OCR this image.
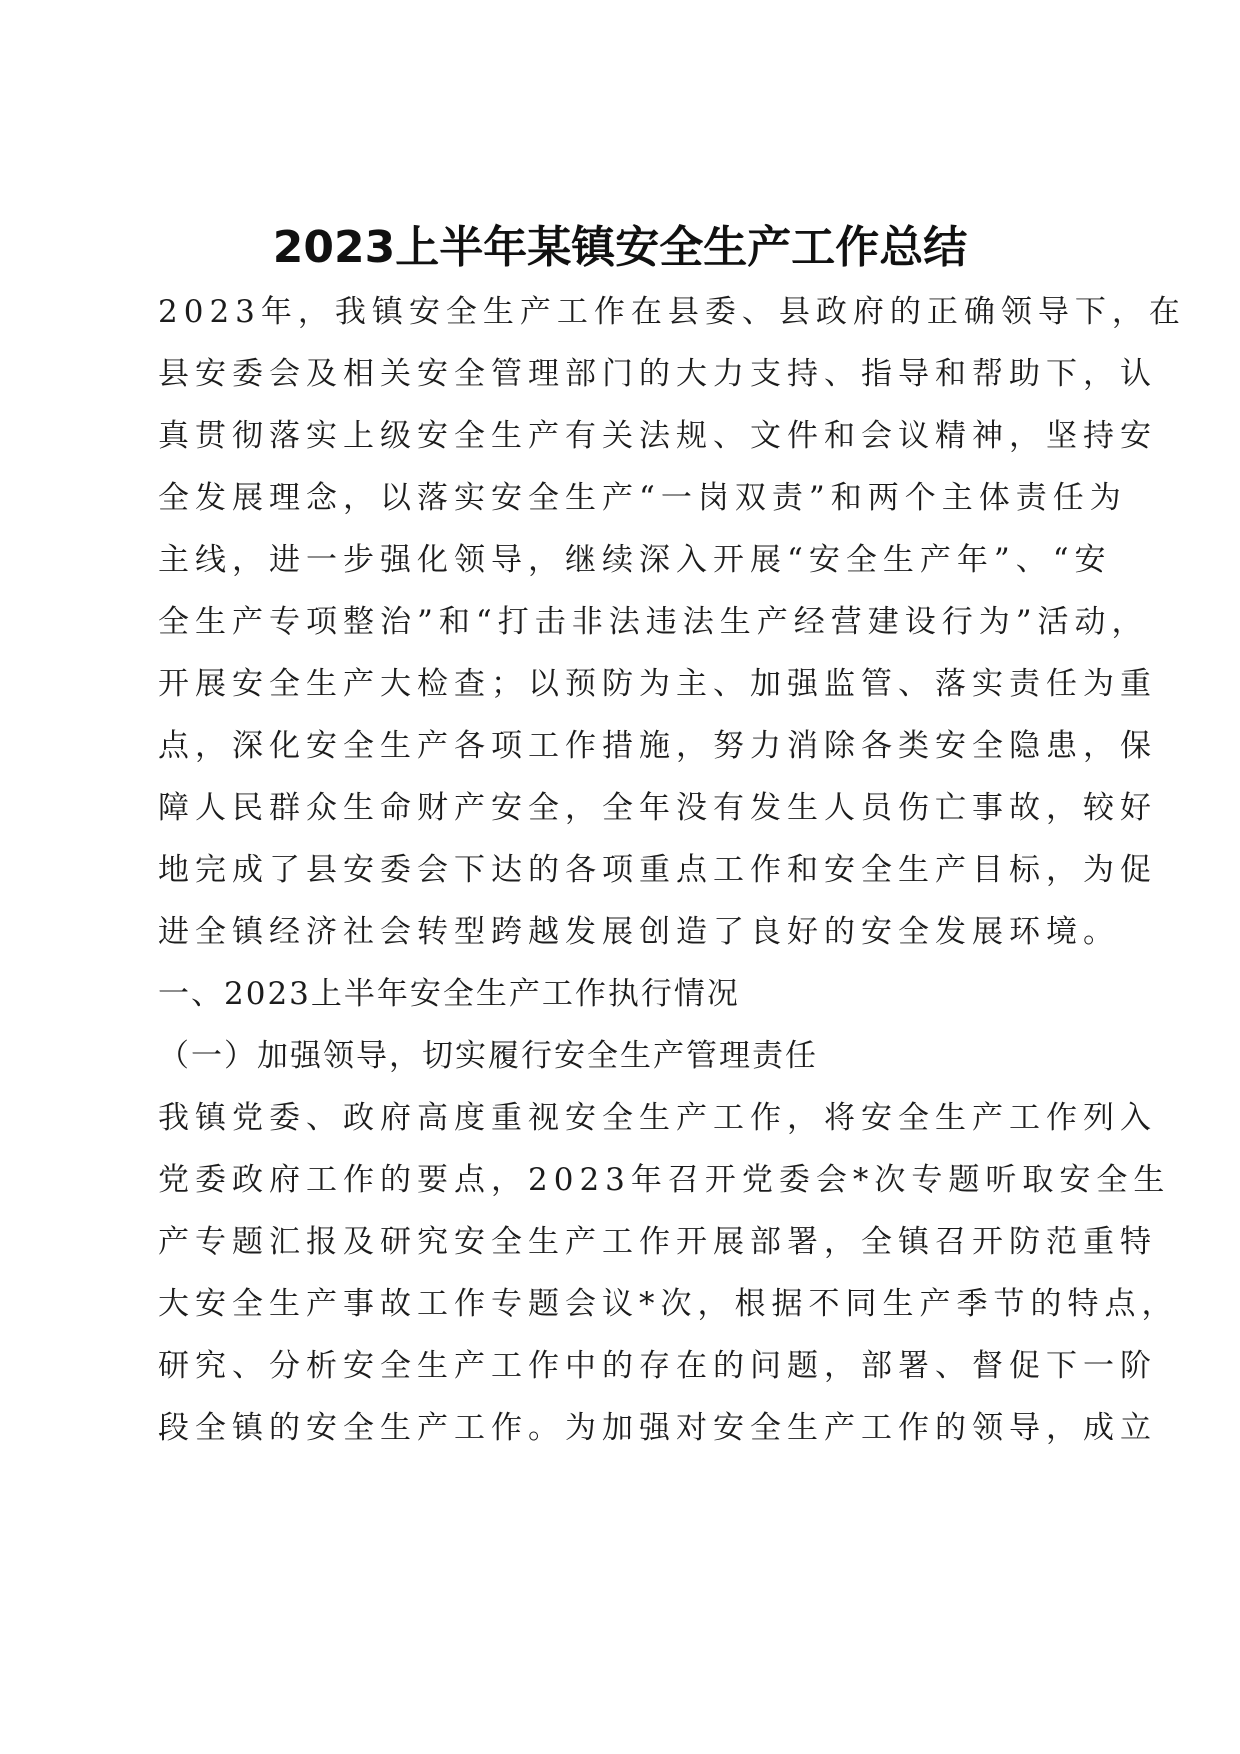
2023上半年某镇安全生产工作总结

2023年，我镇安全生产工作在县委、县政府的正确领导下，在

县安委会及相关安全管理部门的大力支持、指导和帮助下，认

真贯彻落实上级安全生产有关法规、文件和会议精神，坚持安

全发展理念，以落实安全生产“一岗双责”和两个主体责任为

主线，进一步强化领导，继续深入开展“安全生产年”、“安

全生产专项整治”和“打击非法违法生产经营建设行为”活动，

开展安全生产大检查；以预防为主、加强监管、落实责任为重

点，深化安全生产各项工作措施，努力消除各类安全隐患，保

障人民群众生命财产安全，全年没有发生人员伤亡事故，较好

地完成了县安委会下达的各项重点工作和安全生产目标，为促

进全镇经济社会转型跨越发展创造了良好的安全发展环境。

一、2023上半年安全生产工作执行情况

（一）加强领导，切实履行安全生产管理责任

我镇党委、政府高度重视安全生产工作，将安全生产工作列入

党委政府工作的要点，2023年召开党委会*次专题听取安全生

产专题汇报及研究安全生产工作开展部署，全镇召开防范重特

大安全生产事故工作专题会议*次，根据不同生产季节的特点，

研究、分析安全生产工作中的存在的问题，部署、督促下一阶

段全镇的安全生产工作。为加强对安全生产工作的领导，成立
